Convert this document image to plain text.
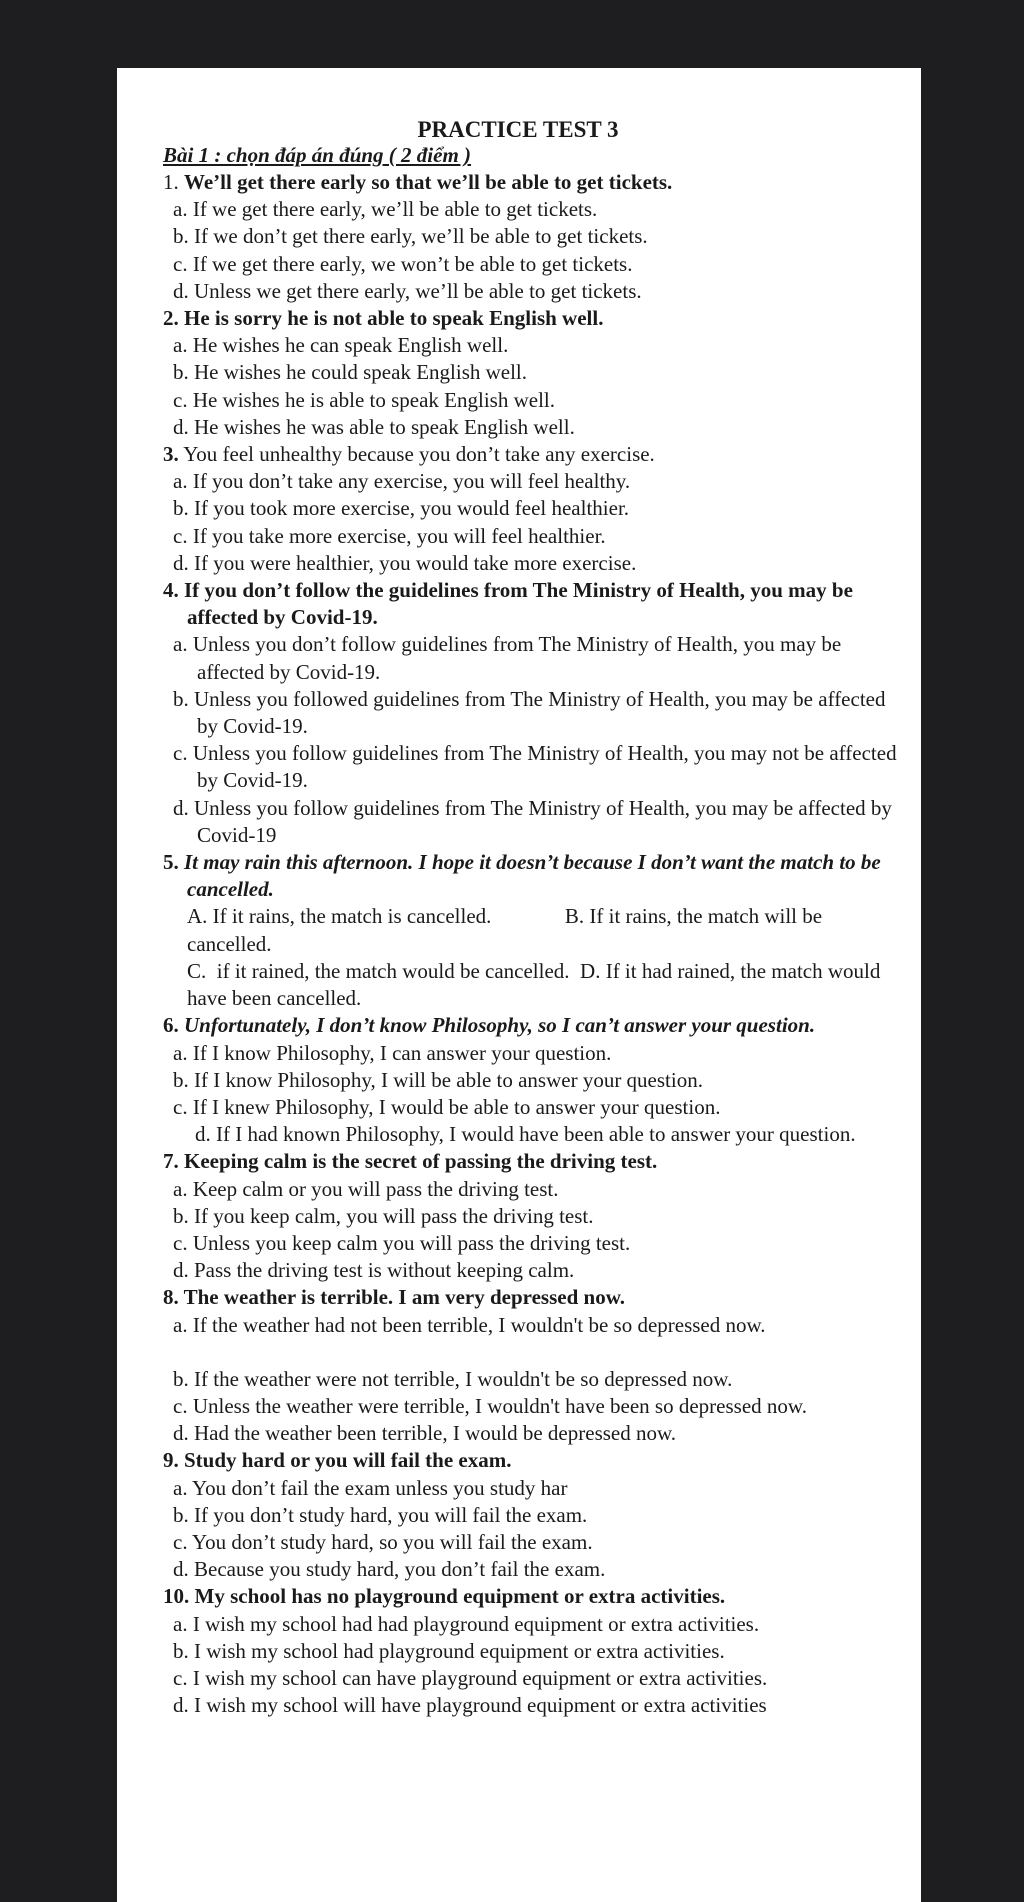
PRACTICE TEST 3

Bài 1 : chọn đáp án đúng ( 2 điểm )

1. We’ll get there early so that we’ll be able to get tickets.

a. If we get there early, we’ll be able to get tickets.

b. If we don’t get there early, we’ll be able to get tickets.

c. If we get there early, we won’t be able to get tickets.

d. Unless we get there early, we’ll be able to get tickets.

2. He is sorry he is not able to speak English well.

a. He wishes he can speak English well.

b. He wishes he could speak English well.

c. He wishes he is able to speak English well.

d. He wishes he was able to speak English well.

3. You feel unhealthy because you don’t take any exercise.

a. If you don’t take any exercise, you will feel healthy.

b. If you took more exercise, you would feel healthier.

c. If you take more exercise, you will feel healthier.

d. If you were healthier, you would take more exercise.

4. If you don’t follow the guidelines from The Ministry of Health, you may be affected by Covid-19.

a. Unless you don’t follow guidelines from The Ministry of Health, you may be affected by Covid-19.

b. Unless you followed guidelines from The Ministry of Health, you may be affected by Covid-19.

c. Unless you follow guidelines from The Ministry of Health, you may not be affected by Covid-19.

d. Unless you follow guidelines from The Ministry of Health, you may be affected by Covid-19

5. It may rain this afternoon. I hope it doesn’t because I don’t want the match to be cancelled.

A. If it rains, the match is cancelled.              B. If it rains, the match will be cancelled.

C.  if it rained, the match would be cancelled.  D. If it had rained, the match would have been cancelled.

6. Unfortunately, I don’t know Philosophy, so I can’t answer your question.

a. If I know Philosophy, I can answer your question.

b. If I know Philosophy, I will be able to answer your question.

c. If I knew Philosophy, I would be able to answer your question.

d. If I had known Philosophy, I would have been able to answer your question.

7. Keeping calm is the secret of passing the driving test.

a. Keep calm or you will pass the driving test.

b. If you keep calm, you will pass the driving test.

c. Unless you keep calm you will pass the driving test.

d. Pass the driving test is without keeping calm.

8. The weather is terrible. I am very depressed now.

a. If the weather had not been terrible, I wouldn't be so depressed now.

b. If the weather were not terrible, I wouldn't be so depressed now.

c. Unless the weather were terrible, I wouldn't have been so depressed now.

d. Had the weather been terrible, I would be depressed now.

9. Study hard or you will fail the exam.

a. You don’t fail the exam unless you study har

b. If you don’t study hard, you will fail the exam.

c. You don’t study hard, so you will fail the exam.

d. Because you study hard, you don’t fail the exam.

10. My school has no playground equipment or extra activities.

a. I wish my school had had playground equipment or extra activities.

b. I wish my school had playground equipment or extra activities.

c. I wish my school can have playground equipment or extra activities.

d. I wish my school will have playground equipment or extra activities
